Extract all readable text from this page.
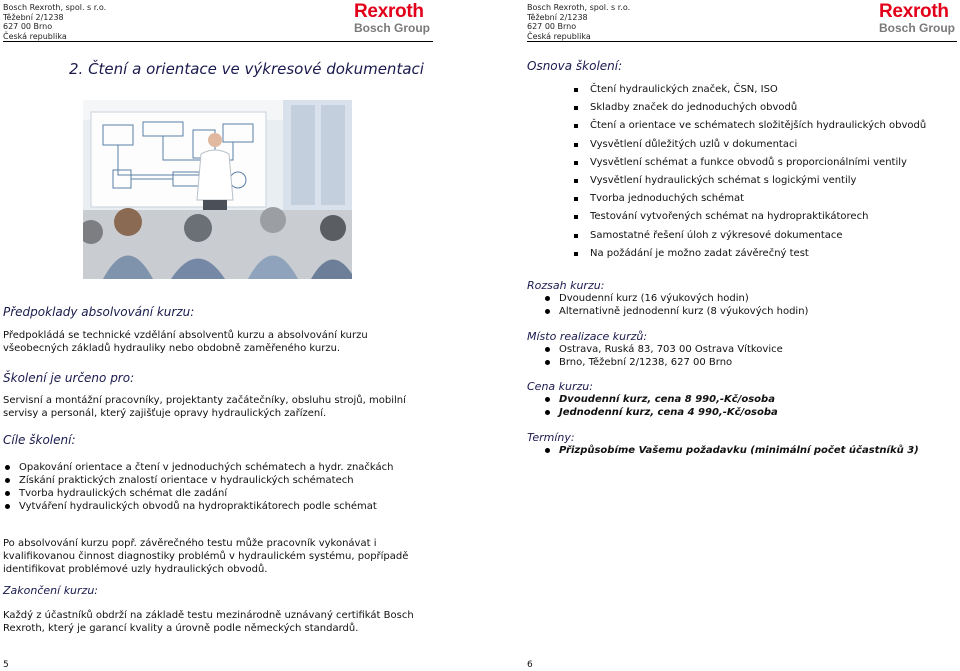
Bosch Rexroth, spol. s r.o.
Těžební 2/1238
627 00 Brno
Česká republika
Rexroth
Bosch Group
Bosch Rexroth, spol. s r.o.
Těžební 2/1238
627 00 Brno
Česká republika
Rexroth
Bosch Group
2. Čtení a orientace ve výkresové dokumentaci
Předpoklady absolvování kurzu:
Předpokládá se technické vzdělání absolventů kurzu a absolvování kurzu všeobecných základů hydrauliky nebo obdobně zaměřeného kurzu.
Školení je určeno pro:
Servisní a montážní pracovníky, projektanty začátečníky, obsluhu strojů, mobilní servisy a personál, který zajišťuje opravy hydraulických zařízení.
Cíle školení:
Opakování orientace a čtení v jednoduchých schématech a hydr. značkách
Získání praktických znalostí orientace v hydraulických schématech
Tvorba hydraulických schémat dle zadání
Vytváření hydraulických obvodů na hydropraktikátorech podle schémat
Osnova školení:
Čtení hydraulických značek, ČSN, ISO
Skladby značek do jednoduchých obvodů
Čtení a orientace ve schématech složitějších hydraulických obvodů
Vysvětlení důležitých uzlů v dokumentaci
Vysvětlení schémat a funkce obvodů s proporcionálními ventily
Vysvětlení hydraulických schémat s logickými ventily
Tvorba jednoduchých schémat
Testování vytvořených schémat na hydropraktikátorech
Samostatné řešení úloh z výkresové dokumentace
Na požádání je možno zadat závěrečný test
Rozsah kurzu:
Dvoudenní kurz (16 výukových hodin)
Alternativně jednodenní kurz (8 výukových hodin)
Místo realizace kurzů:
Ostrava, Ruská 83, 703 00 Ostrava Vítkovice
Brno, Těžební 2/1238, 627 00 Brno
Cena kurzu:
Dvoudenní kurz, cena 8 990,-Kč/osoba
Jednodenní kurz, cena 4 990,-Kč/osoba
Termíny:
Přizpůsobíme Vašemu požadavku (minimální počet účastníků 3)
Po absolvování kurzu popř. závěrečného testu může pracovník vykonávat i kvalifikovanou činnost diagnostiky problémů v hydraulickém systému, popřípadě identifikovat problémové uzly hydraulických obvodů.
Zakončení kurzu:
Každý z účastníků obdrží na základě testu mezinárodně uznávaný certifikát Bosch Rexroth, který je garancí kvality a úrovně podle německých standardů.
5	6
